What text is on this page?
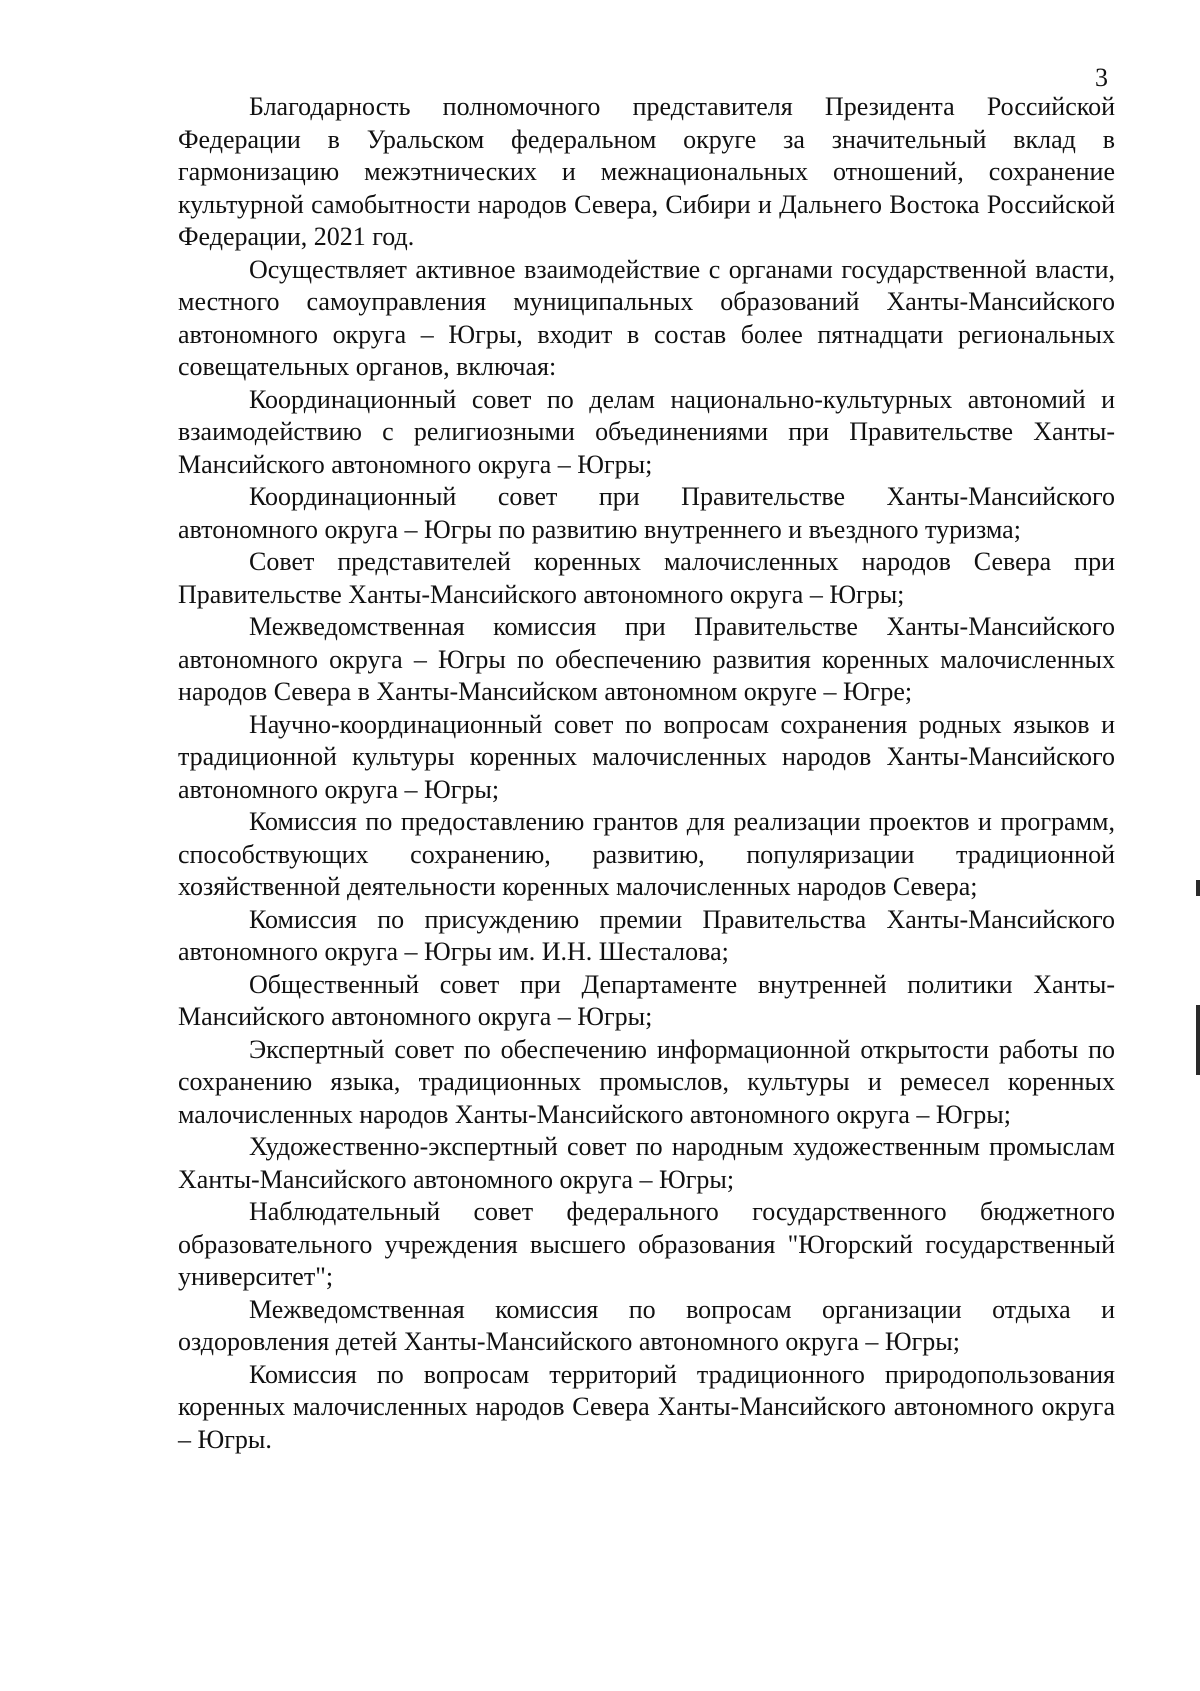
3

Благодарность полномочного представителя Президента Российской Федерации в Уральском федеральном округе за значительный вклад в гармонизацию межэтнических и межнациональных отношений, сохранение культурной самобытности народов Севера, Сибири и Дальнего Востока Российской Федерации, 2021 год.

Осуществляет активное взаимодействие с органами государственной власти, местного самоуправления муниципальных образований Ханты-Мансийского автономного округа – Югры, входит в состав более пятнадцати региональных совещательных органов, включая:

Координационный совет по делам национально-культурных автономий и взаимодействию с религиозными объединениями при Правительстве Ханты-Мансийского автономного округа – Югры;

Координационный совет при Правительстве Ханты-Мансийского автономного округа – Югры по развитию внутреннего и въездного туризма;

Совет представителей коренных малочисленных народов Севера при Правительстве Ханты-Мансийского автономного округа – Югры;

Межведомственная комиссия при Правительстве Ханты-Мансийского автономного округа – Югры по обеспечению развития коренных малочисленных народов Севера в Ханты-Мансийском автономном округе – Югре;

Научно-координационный совет по вопросам сохранения родных языков и традиционной культуры коренных малочисленных народов Ханты-Мансийского автономного округа – Югры;

Комиссия по предоставлению грантов для реализации проектов и программ, способствующих сохранению, развитию, популяризации традиционной хозяйственной деятельности коренных малочисленных народов Севера;

Комиссия по присуждению премии Правительства Ханты-Мансийского автономного округа – Югры им. И.Н. Шесталова;

Общественный совет при Департаменте внутренней политики Ханты-Мансийского автономного округа – Югры;

Экспертный совет по обеспечению информационной открытости работы по сохранению языка, традиционных промыслов, культуры и ремесел коренных малочисленных народов Ханты-Мансийского автономного округа – Югры;

Художественно-экспертный совет по народным художественным промыслам Ханты-Мансийского автономного округа – Югры;

Наблюдательный совет федерального государственного бюджетного образовательного учреждения высшего образования "Югорский государственный университет";

Межведомственная комиссия по вопросам организации отдыха и оздоровления детей Ханты-Мансийского автономного округа – Югры;

Комиссия по вопросам территорий традиционного природопользования коренных малочисленных народов Севера Ханты-Мансийского автономного округа – Югры.
